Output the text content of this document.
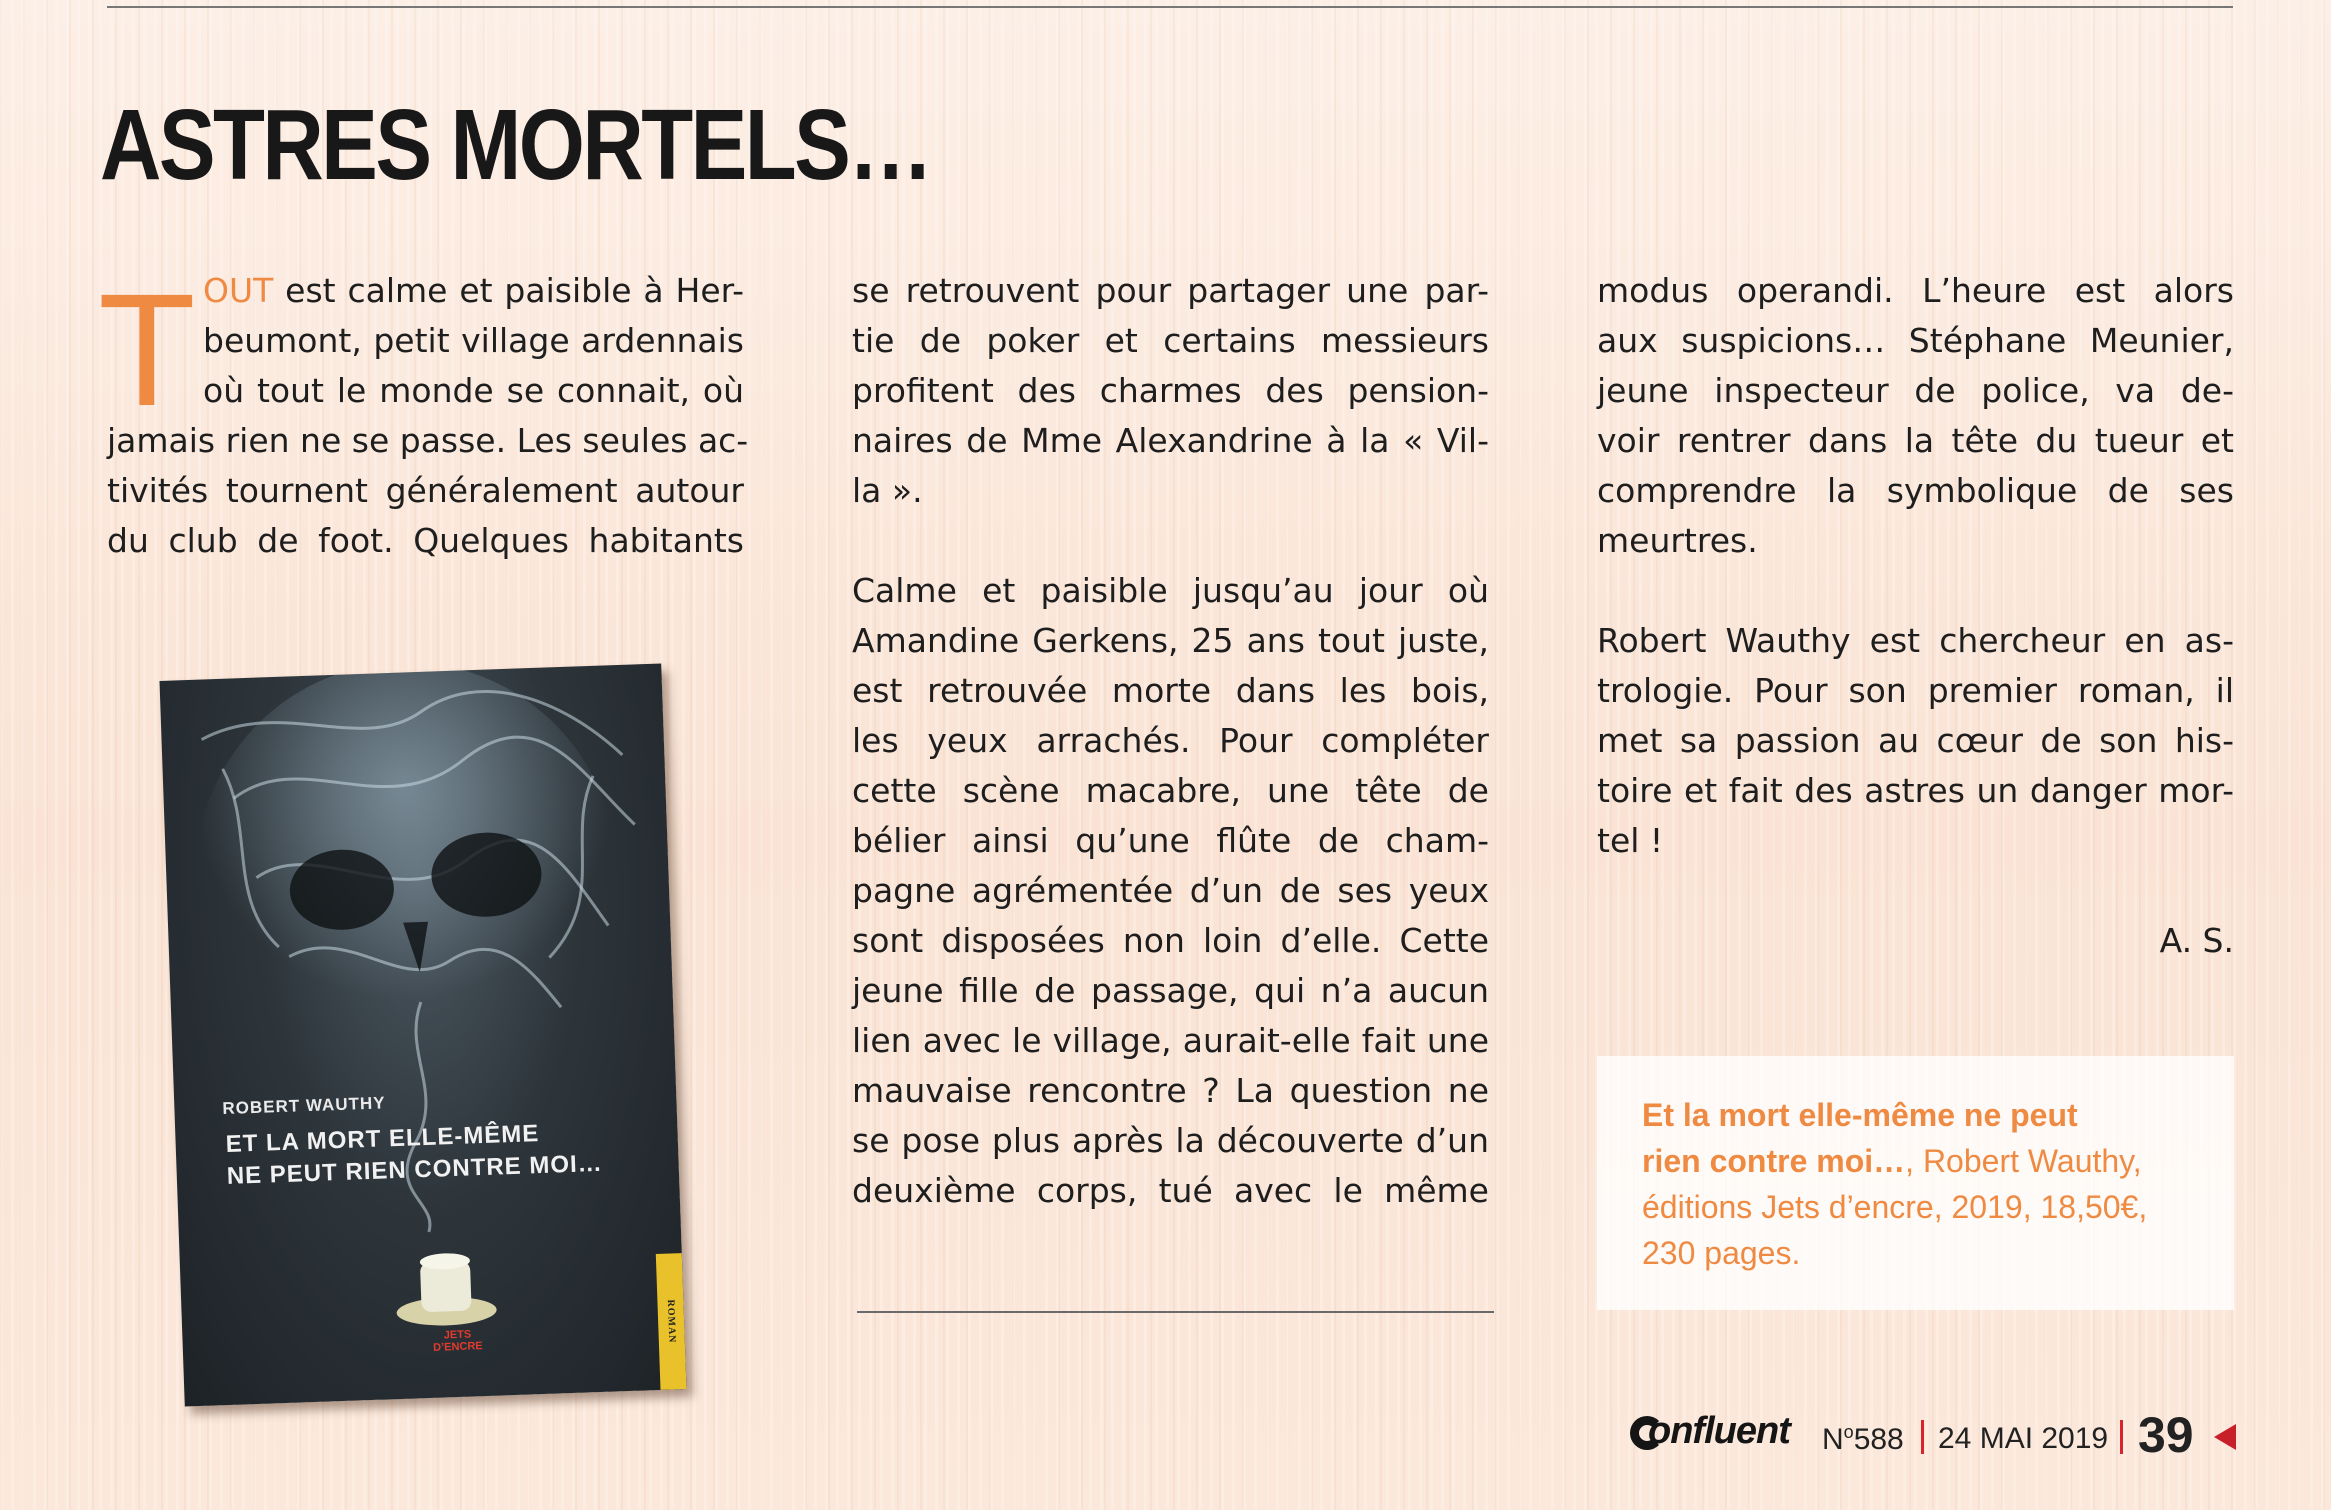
ASTRES MORTELS…
T OUT est calme et paisible à Her-
beumont, petit village ardennais
où tout le monde se connait, où
jamais rien ne se passe. Les seules ac-
tivités tournent généralement autour
du club de foot. Quelques habitants

ROBERT WAUTHY

ET LA MORT ELLE-MÊME
NE PEUT RIEN CONTRE MOI…

JETS
D’ENCRE
ROMAN
se retrouvent pour partager une par-
tie de poker et certains messieurs
profitent des charmes des pension-
naires de Mme Alexandrine à la « Vil-
la ».
Calme et paisible jusqu’au jour où
Amandine Gerkens, 25 ans tout juste,
est retrouvée morte dans les bois,
les yeux arrachés. Pour compléter
cette scène macabre, une tête de
bélier ainsi qu’une flûte de cham-
pagne agrémentée d’un de ses yeux
sont disposées non loin d’elle. Cette
jeune fille de passage, qui n’a aucun
lien avec le village, aurait-elle fait une
mauvaise rencontre ? La question ne
se pose plus après la découverte d’un
deuxième corps, tué avec le même
modus operandi. L’heure est alors
aux suspicions… Stéphane Meunier,
jeune inspecteur de police, va de-
voir rentrer dans la tête du tueur et
comprendre la symbolique de ses
meurtres.
Robert Wauthy est chercheur en as-
trologie. Pour son premier roman, il
met sa passion au cœur de son his-
toire et fait des astres un danger mor-
tel !
A. S.
Et la mort elle-même ne peut
rien contre moi…, Robert Wauthy,
éditions Jets d’encre, 2019, 18,50€,
230 pages.
onfluent $N^o588$ 24 MAI 2019 39
